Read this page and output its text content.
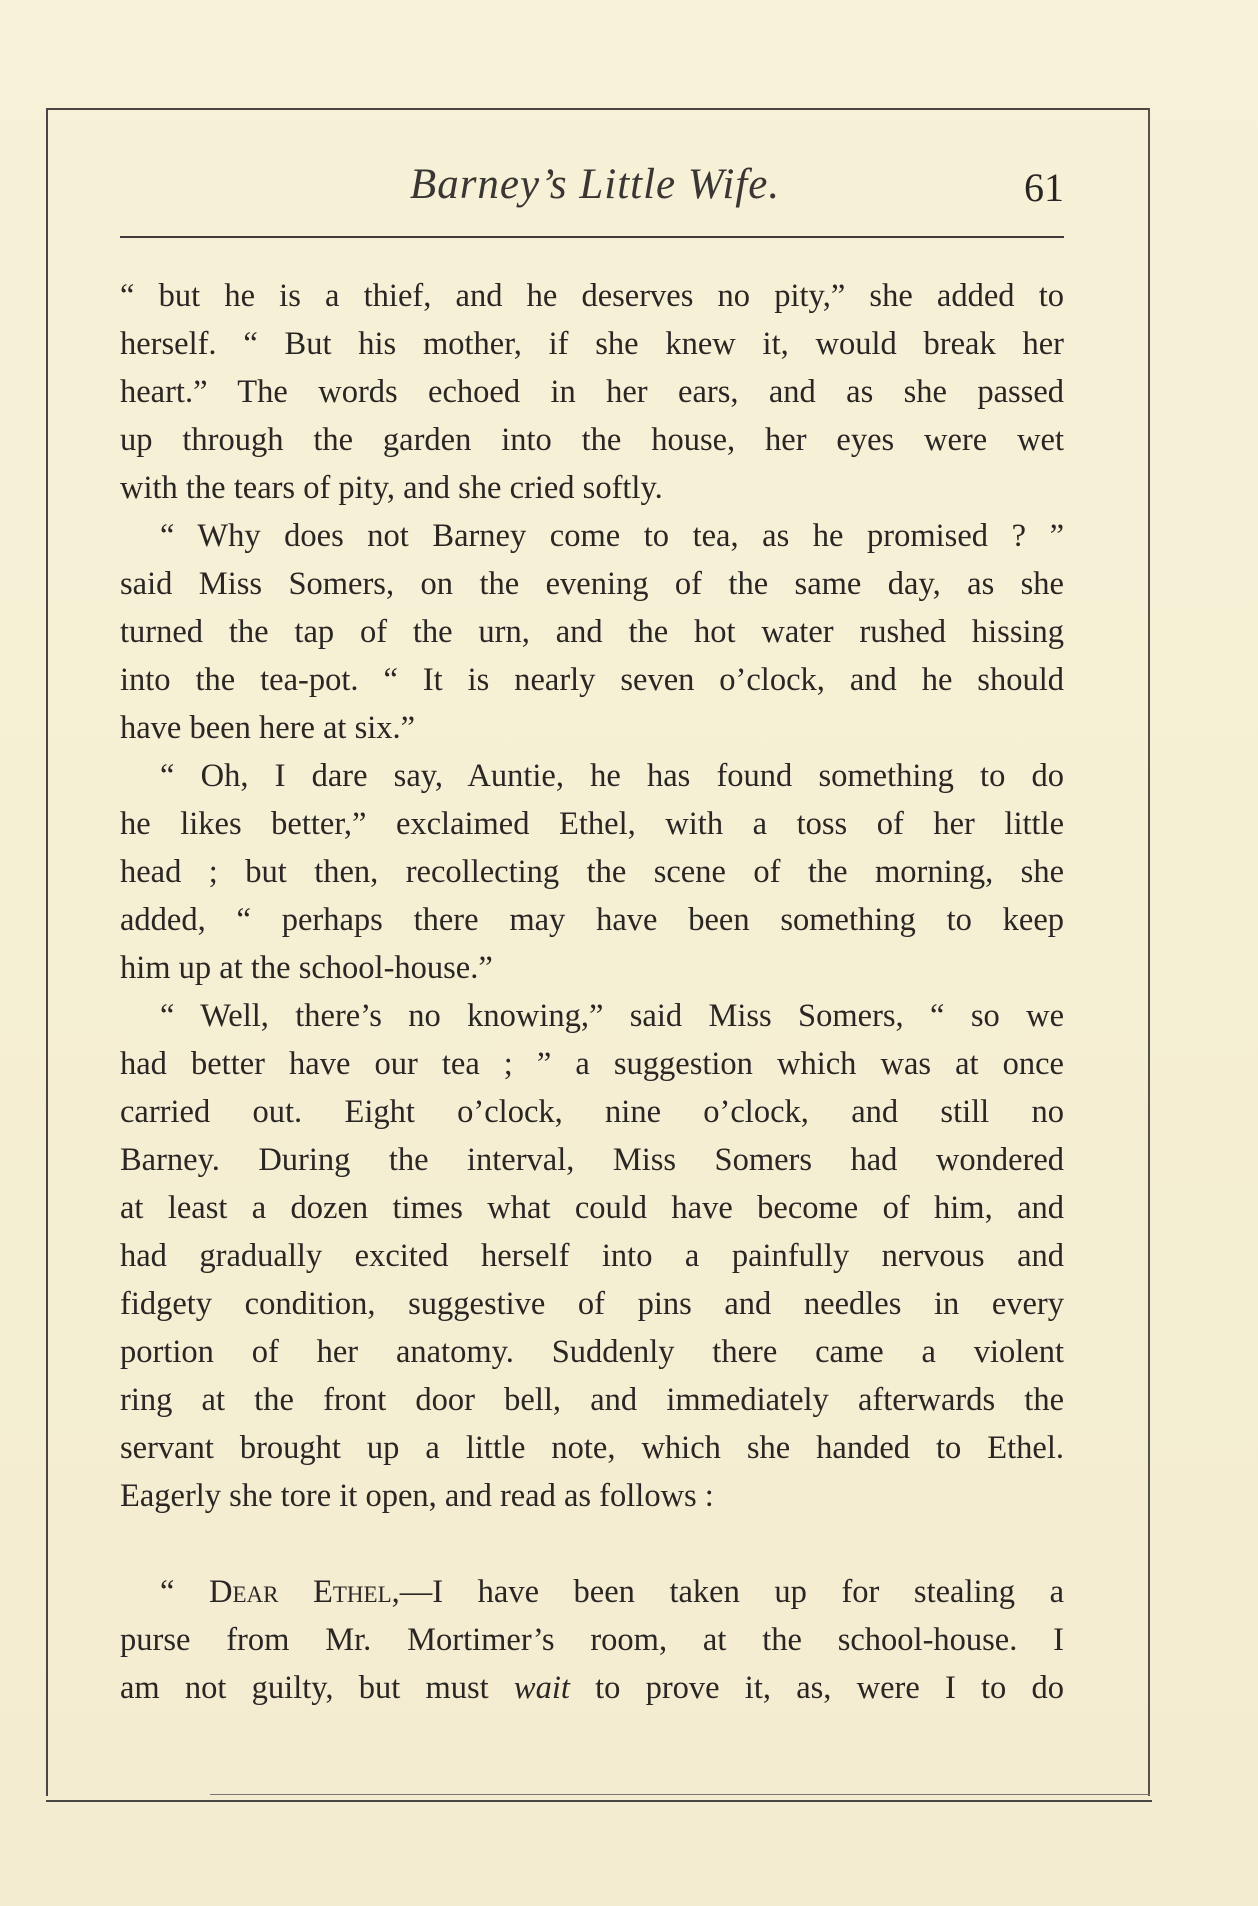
Barney’s Little Wife.	61
“ but he is a thief, and he deserves no pity,” she added to
herself. “ But his mother, if she knew it, would break her
heart.” The words echoed in her ears, and as she passed
up through the garden into the house, her eyes were wet
with the tears of pity, and she cried softly.
“ Why does not Barney come to tea, as he promised ? ”
said Miss Somers, on the evening of the same day, as she
turned the tap of the urn, and the hot water rushed hissing
into the tea-pot. “ It is nearly seven o’clock, and he should
have been here at six.”
“ Oh, I dare say, Auntie, he has found something to do
he likes better,” exclaimed Ethel, with a toss of her little
head ; but then, recollecting the scene of the morning, she
added, “ perhaps there may have been something to keep
him up at the school-house.”
“ Well, there’s no knowing,” said Miss Somers, “ so we
had better have our tea ; ” a suggestion which was at once
carried out. Eight o’clock, nine o’clock, and still no
Barney. During the interval, Miss Somers had wondered
at least a dozen times what could have become of him, and
had gradually excited herself into a painfully nervous and
fidgety condition, suggestive of pins and needles in every
portion of her anatomy. Suddenly there came a violent
ring at the front door bell, and immediately afterwards the
servant brought up a little note, which she handed to Ethel.
Eagerly she tore it open, and read as follows :
“ Dear Ethel,—I have been taken up for stealing a
purse from Mr. Mortimer’s room, at the school-house. I
am not guilty, but must wait to prove it, as, were I to do
